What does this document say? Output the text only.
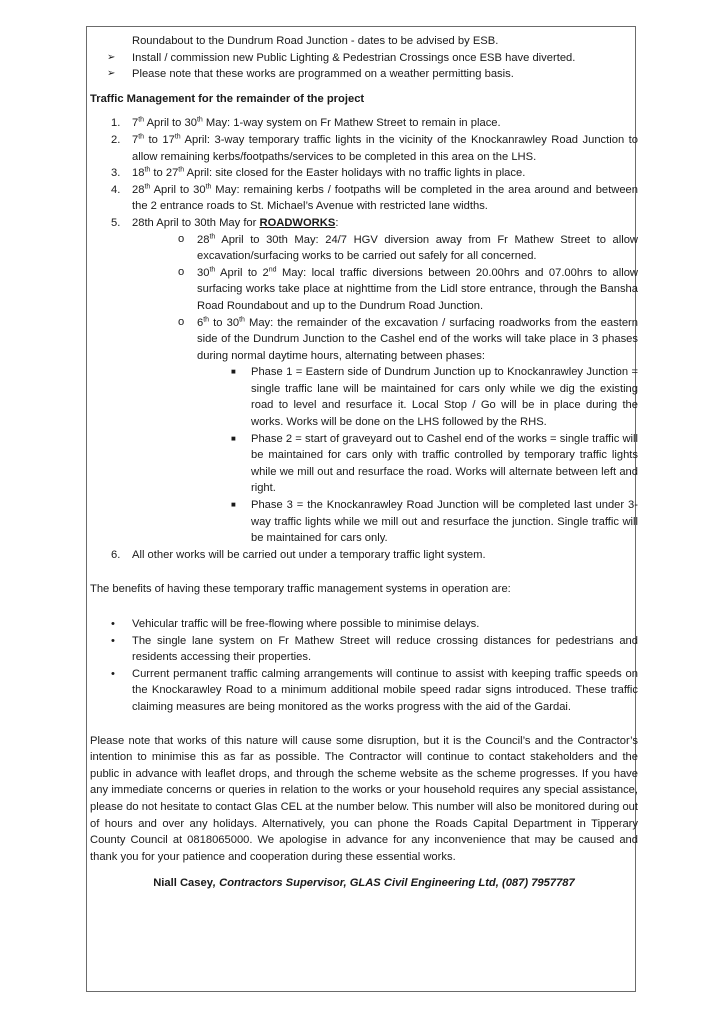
Roundabout to the Dundrum Road Junction - dates to be advised by ESB.

➢ Install / commission new Public Lighting & Pedestrian Crossings once ESB have diverted.
➢ Please note that these works are programmed on a weather permitting basis.
Traffic Management for the remainder of the project
1. 7th April to 30th May: 1-way system on Fr Mathew Street to remain in place.

2. 7th to 17th April: 3-way temporary traffic lights in the vicinity of the Knockanrawley Road Junction to allow remaining kerbs/footpaths/services to be completed in this area on the LHS.

3. 18th to 27th April: site closed for the Easter holidays with no traffic lights in place.

4. 28th April to 30th May: remaining kerbs / footpaths will be completed in the area around and between the 2 entrance roads to St. Michael’s Avenue with restricted lane widths.

5. 28th April to 30th May for ROADWORKS:

o 28th April to 30th May: 24/7 HGV diversion away from Fr Mathew Street to allow excavation/surfacing works to be carried out safely for all concerned.

o 30th April to 2nd May: local traffic diversions between 20.00hrs and 07.00hrs to allow surfacing works take place at nighttime from the Lidl store entrance, through the Bansha Road Roundabout and up to the Dundrum Road Junction.

o 6th to 30th May: the remainder of the excavation / surfacing roadworks from the eastern side of the Dundrum Junction to the Cashel end of the works will take place in 3 phases during normal daytime hours, alternating between phases:

■ Phase 1 = Eastern side of Dundrum Junction up to Knockanrawley Junction = single traffic lane will be maintained for cars only while we dig the existing road to level and resurface it. Local Stop / Go will be in place during the works. Works will be done on the LHS followed by the RHS.

■ Phase 2 = start of graveyard out to Cashel end of the works = single traffic will be maintained for cars only with traffic controlled by temporary traffic lights while we mill out and resurface the road. Works will alternate between left and right.

■ Phase 3 = the Knockanrawley Road Junction will be completed last under 3-way traffic lights while we mill out and resurface the junction. Single traffic will be maintained for cars only.

6. All other works will be carried out under a temporary traffic light system.

The benefits of having these temporary traffic management systems in operation are:

• Vehicular traffic will be free-flowing where possible to minimise delays.

• The single lane system on Fr Mathew Street will reduce crossing distances for pedestrians and residents accessing their properties.

• Current permanent traffic calming arrangements will continue to assist with keeping traffic speeds on the Knockarawley Road to a minimum additional mobile speed radar signs introduced. These traffic claiming measures are being monitored as the works progress with the aid of the Gardai.

Please note that works of this nature will cause some disruption, but it is the Council’s and the Contractor’s intention to minimise this as far as possible. The Contractor will continue to contact stakeholders and the public in advance with leaflet drops, and through the scheme website as the scheme progresses. If you have any immediate concerns or queries in relation to the works or your household requires any special assistance, please do not hesitate to contact Glas CEL at the number below. This number will also be monitored during out of hours and over any holidays. Alternatively, you can phone the Roads Capital Department in Tipperary County Council at 0818065000. We apologise in advance for any inconvenience that may be caused and thank you for your patience and cooperation during these essential works.

Niall Casey, Contractors Supervisor, GLAS Civil Engineering Ltd, (087) 7957787
